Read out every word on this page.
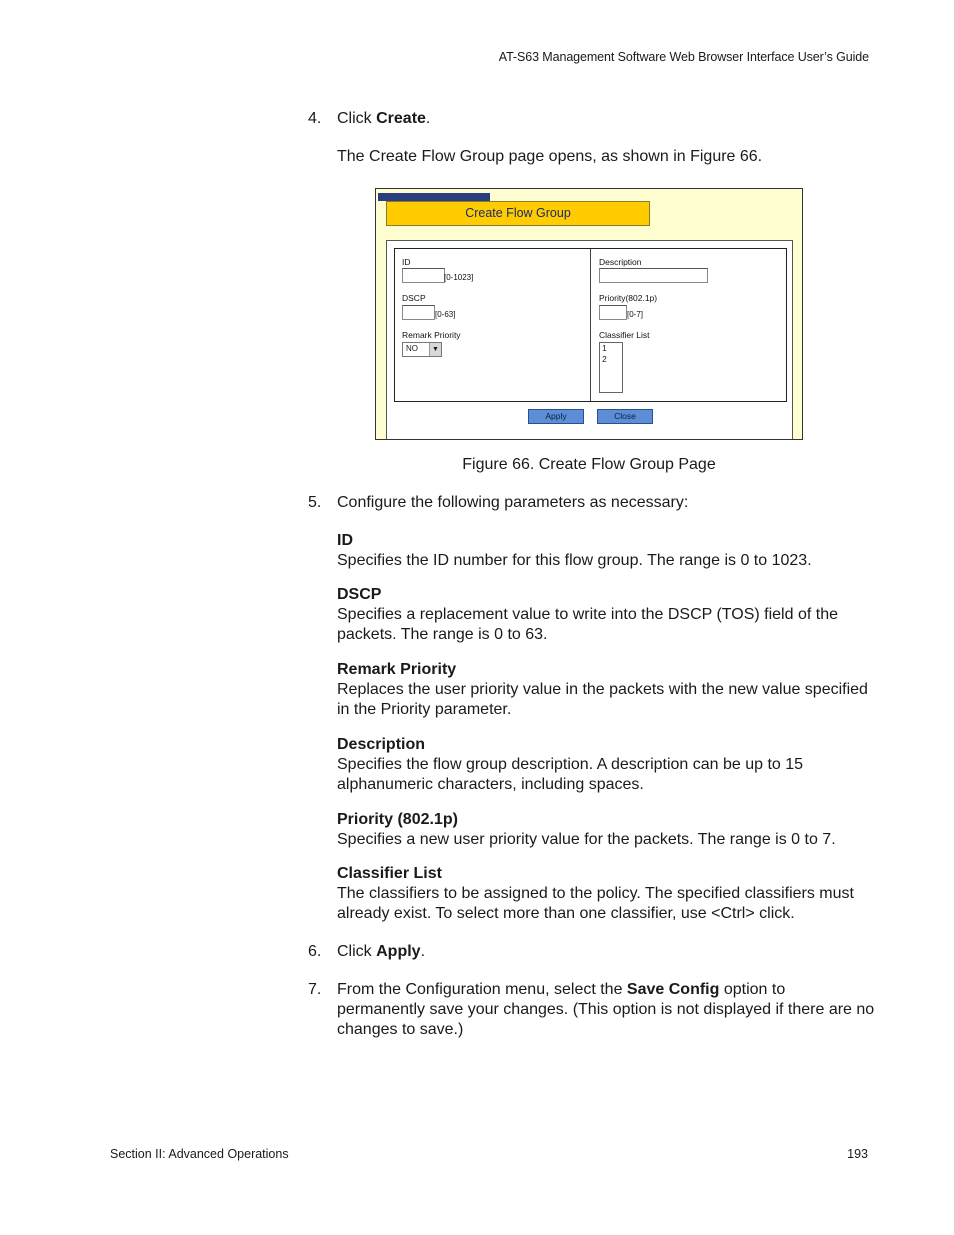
AT-S63 Management Software Web Browser Interface User’s Guide
4. Click Create.
The Create Flow Group page opens, as shown in Figure 66.
Create Flow Group
ID
[0-1023]
DSCP
[0-63]
Remark Priority
NO	▼
Description
Priority(802.1p)
[0-7]
Classifier List
1
2
Apply	Close
Figure 66. Create Flow Group Page
5. Configure the following parameters as necessary:
ID
Specifies the ID number for this flow group. The range is 0 to 1023.
DSCP
Specifies a replacement value to write into the DSCP (TOS) field of the packets. The range is 0 to 63.
Remark Priority
Replaces the user priority value in the packets with the new value specified in the Priority parameter.
Description
Specifies the flow group description. A description can be up to 15 alphanumeric characters, including spaces.
Priority (802.1p)
Specifies a new user priority value for the packets. The range is 0 to 7.
Classifier List
The classifiers to be assigned to the policy. The specified classifiers must already exist. To select more than one classifier, use <Ctrl> click.
6. Click Apply.
7. From the Configuration menu, select the Save Config option to permanently save your changes. (This option is not displayed if there are no changes to save.)
Section II: Advanced Operations	193
